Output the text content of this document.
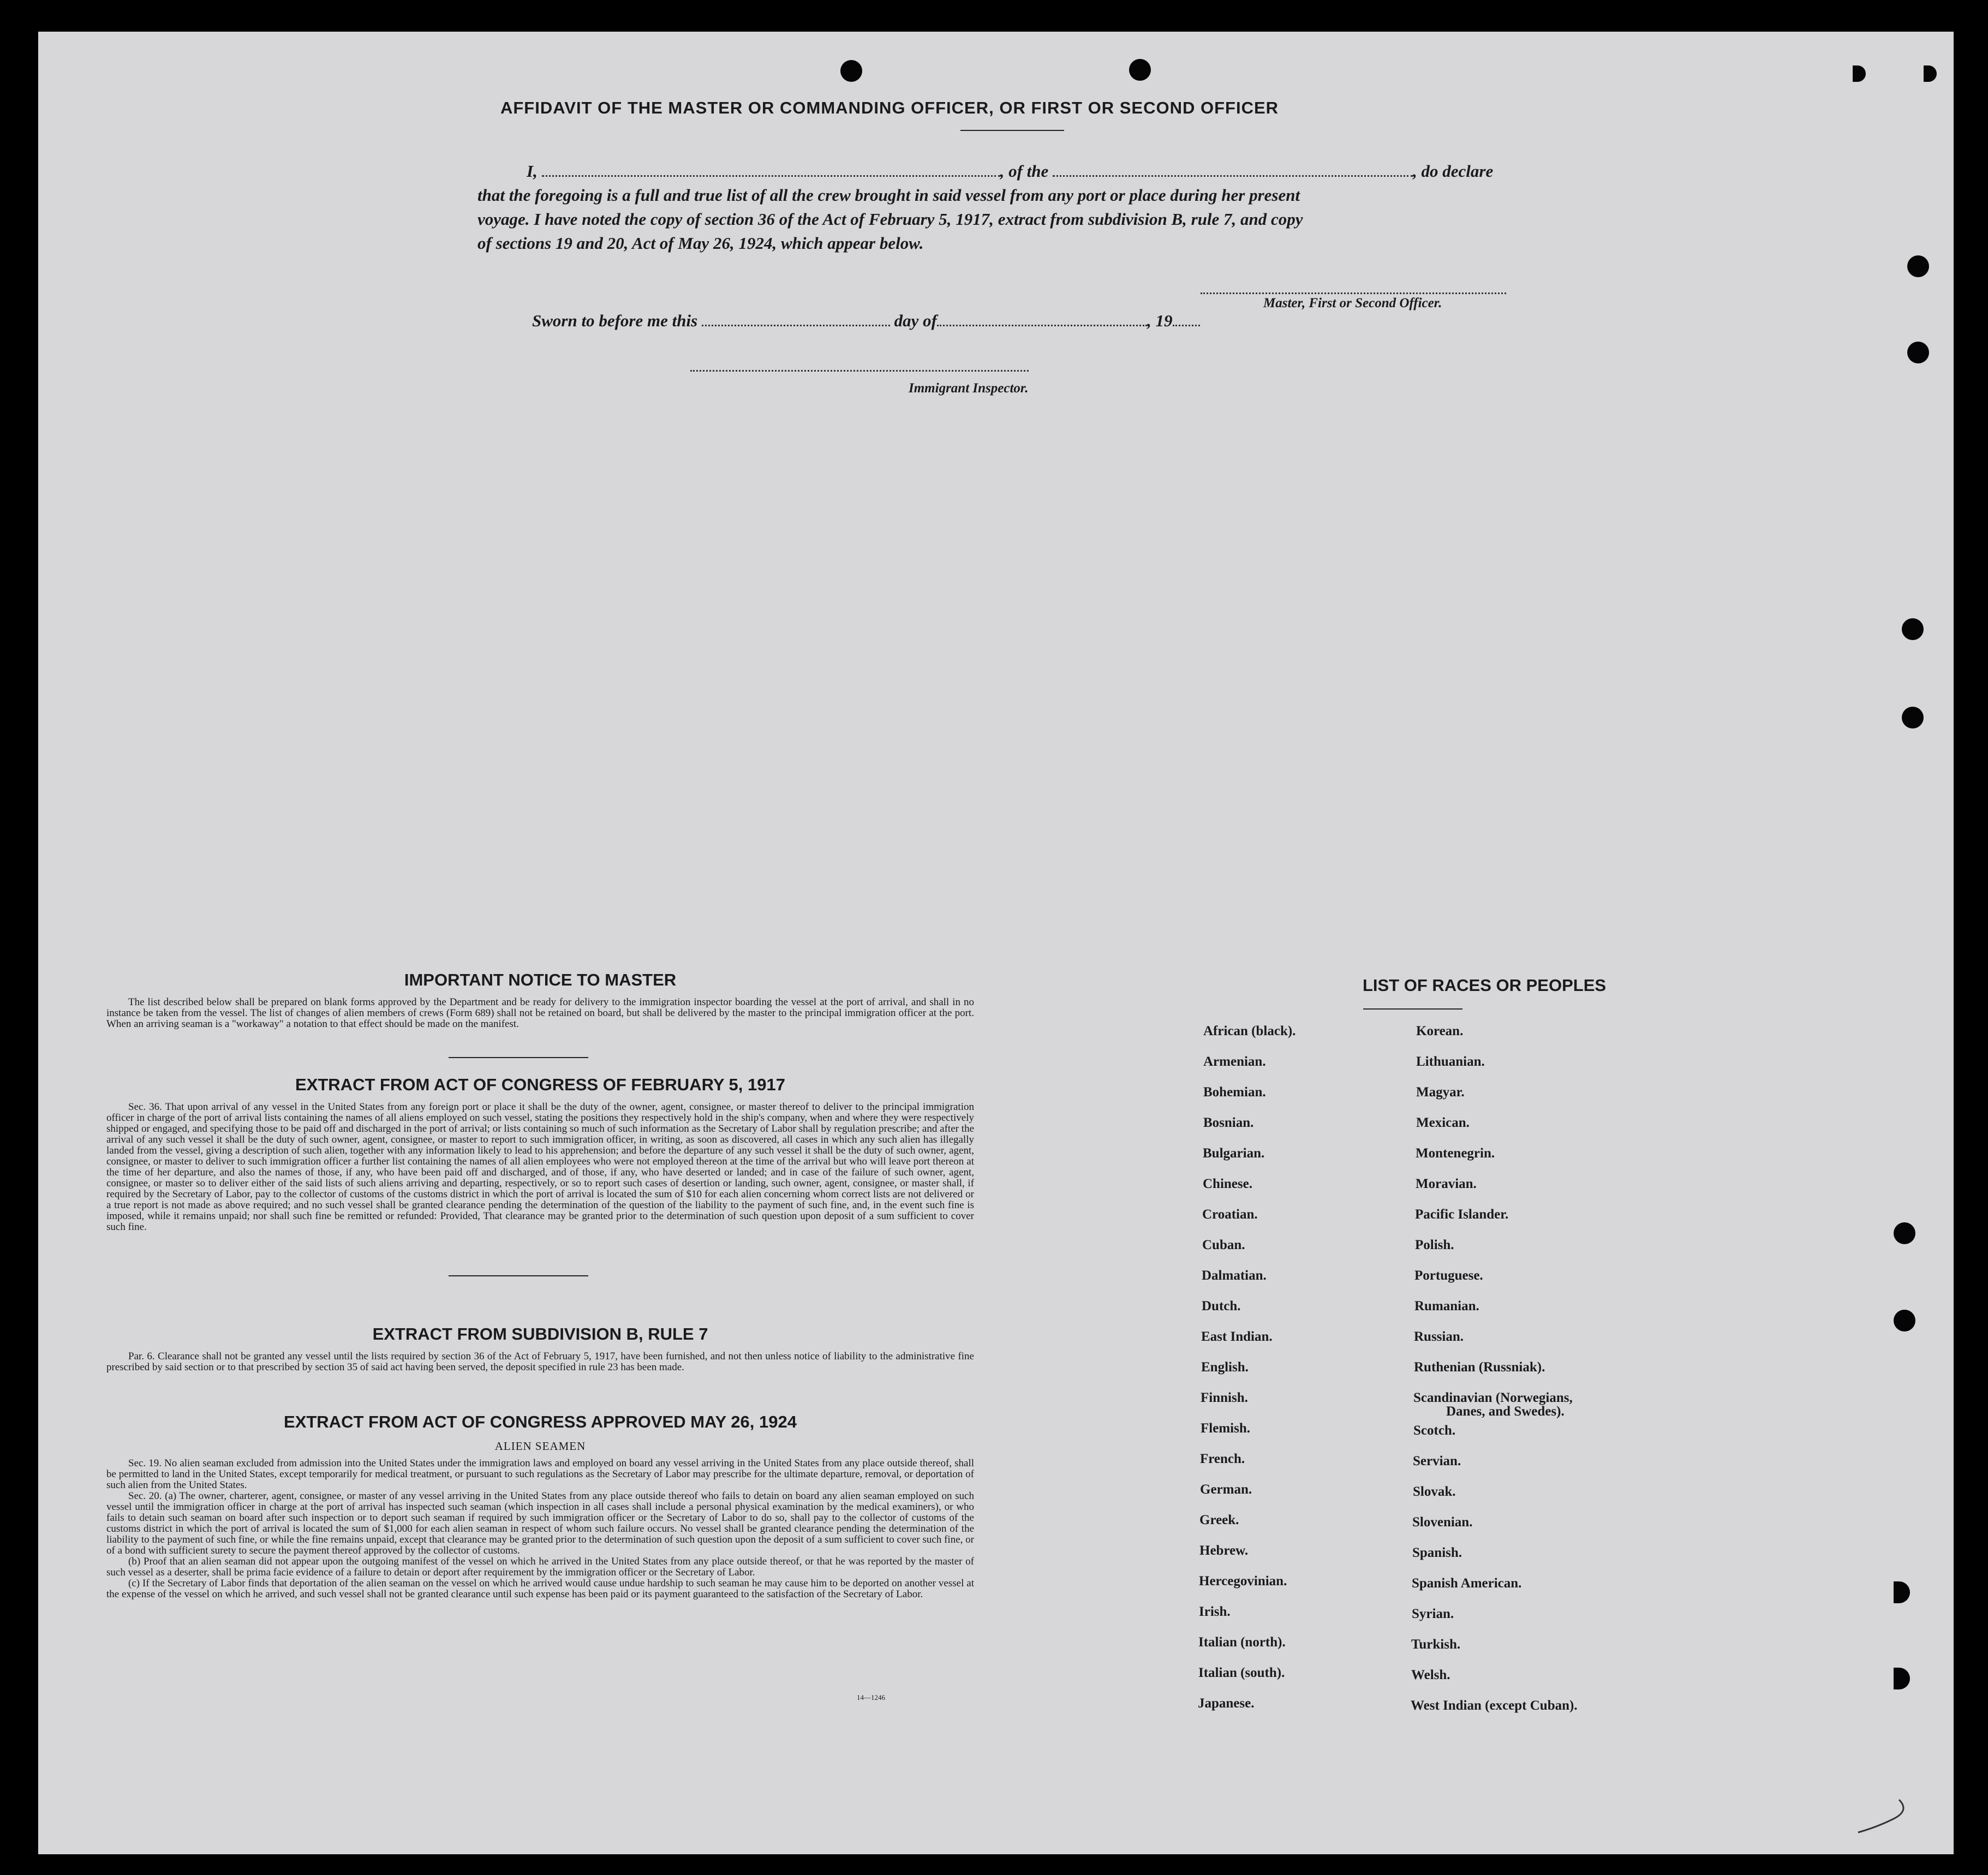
AFFIDAVIT OF THE MASTER OR COMMANDING OFFICER, OR FIRST OR SECOND OFFICER
I,	, of the	, do declare
that the foregoing is a full and true list of all the crew brought in said vessel from any port or place during her present
voyage. I have noted the copy of section 36 of the Act of February 5, 1917, extract from subdivision B, rule 7, and copy
of sections 19 and 20, Act of May 26, 1924, which appear below.
Master, First or Second Officer.
Sworn to before me this	day of	, 19
Immigrant Inspector.
IMPORTANT NOTICE TO MASTER

The list described below shall be prepared on blank forms approved by the Department and be ready for delivery to the immigration inspector boarding the vessel at the port of arrival, and shall in no instance be taken from the vessel. The list of changes of alien members of crews (Form 689) shall not be retained on board, but shall be delivered by the master to the principal immigration officer at the port. When an arriving seaman is a "workaway" a notation to that effect should be made on the manifest.

EXTRACT FROM ACT OF CONGRESS OF FEBRUARY 5, 1917

Sec. 36. That upon arrival of any vessel in the United States from any foreign port or place it shall be the duty of the owner, agent, consignee, or master thereof to deliver to the principal immigration officer in charge of the port of arrival lists containing the names of all aliens employed on such vessel, stating the positions they respectively hold in the ship's company, when and where they were respectively shipped or engaged, and specifying those to be paid off and discharged in the port of arrival; or lists containing so much of such information as the Secretary of Labor shall by regulation prescribe; and after the arrival of any such vessel it shall be the duty of such owner, agent, consignee, or master to report to such immigration officer, in writing, as soon as discovered, all cases in which any such alien has illegally landed from the vessel, giving a description of such alien, together with any information likely to lead to his apprehension; and before the departure of any such vessel it shall be the duty of such owner, agent, consignee, or master to deliver to such immigration officer a further list containing the names of all alien employees who were not employed thereon at the time of the arrival but who will leave port thereon at the time of her departure, and also the names of those, if any, who have been paid off and discharged, and of those, if any, who have deserted or landed; and in case of the failure of such owner, agent, consignee, or master so to deliver either of the said lists of such aliens arriving and departing, respectively, or so to report such cases of desertion or landing, such owner, agent, consignee, or master shall, if required by the Secretary of Labor, pay to the collector of customs of the customs district in which the port of arrival is located the sum of $10 for each alien concerning whom correct lists are not delivered or a true report is not made as above required; and no such vessel shall be granted clearance pending the determination of the question of the liability to the payment of such fine, and, in the event such fine is imposed, while it remains unpaid; nor shall such fine be remitted or refunded: Provided, That clearance may be granted prior to the determination of such question upon deposit of a sum sufficient to cover such fine.

EXTRACT FROM SUBDIVISION B, RULE 7

Par. 6. Clearance shall not be granted any vessel until the lists required by section 36 of the Act of February 5, 1917, have been furnished, and not then unless notice of liability to the administrative fine prescribed by said section or to that prescribed by section 35 of said act having been served, the deposit specified in rule 23 has been made.

EXTRACT FROM ACT OF CONGRESS APPROVED MAY 26, 1924
ALIEN SEAMEN

Sec. 19. No alien seaman excluded from admission into the United States under the immigration laws and employed on board any vessel arriving in the United States from any place outside thereof, shall be permitted to land in the United States, except temporarily for medical treatment, or pursuant to such regulations as the Secretary of Labor may prescribe for the ultimate departure, removal, or deportation of such alien from the United States.

Sec. 20. (a) The owner, charterer, agent, consignee, or master of any vessel arriving in the United States from any place outside thereof who fails to detain on board any alien seaman employed on such vessel until the immigration officer in charge at the port of arrival has inspected such seaman (which inspection in all cases shall include a personal physical examination by the medical examiners), or who fails to detain such seaman on board after such inspection or to deport such seaman if required by such immigration officer or the Secretary of Labor to do so, shall pay to the collector of customs of the customs district in which the port of arrival is located the sum of $1,000 for each alien seaman in respect of whom such failure occurs. No vessel shall be granted clearance pending the determination of the liability to the payment of such fine, or while the fine remains unpaid, except that clearance may be granted prior to the determination of such question upon the deposit of a sum sufficient to cover such fine, or of a bond with sufficient surety to secure the payment thereof approved by the collector of customs.

(b) Proof that an alien seaman did not appear upon the outgoing manifest of the vessel on which he arrived in the United States from any place outside thereof, or that he was reported by the master of such vessel as a deserter, shall be prima facie evidence of a failure to detain or deport after requirement by the immigration officer or the Secretary of Labor.

(c) If the Secretary of Labor finds that deportation of the alien seaman on the vessel on which he arrived would cause undue hardship to such seaman he may cause him to be deported on another vessel at the expense of the vessel on which he arrived, and such vessel shall not be granted clearance until such expense has been paid or its payment guaranteed to the satisfaction of the Secretary of Labor.

14—1246
LIST OF RACES OR PEOPLES
African (black).
Armenian.
Bohemian.
Bosnian.
Bulgarian.
Chinese.
Croatian.
Cuban.
Dalmatian.
Dutch.
East Indian.
English.
Finnish.
Flemish.
French.
German.
Greek.
Hebrew.
Hercegovinian.
Irish.
Italian (north).
Italian (south).
Japanese.
Korean.
Lithuanian.
Magyar.
Mexican.
Montenegrin.
Moravian.
Pacific Islander.
Polish.
Portuguese.
Rumanian.
Russian.
Ruthenian (Russniak).
Scandinavian (Norwegians,
Danes, and Swedes).
Scotch.
Servian.
Slovak.
Slovenian.
Spanish.
Spanish American.
Syrian.
Turkish.
Welsh.
West Indian (except Cuban).
